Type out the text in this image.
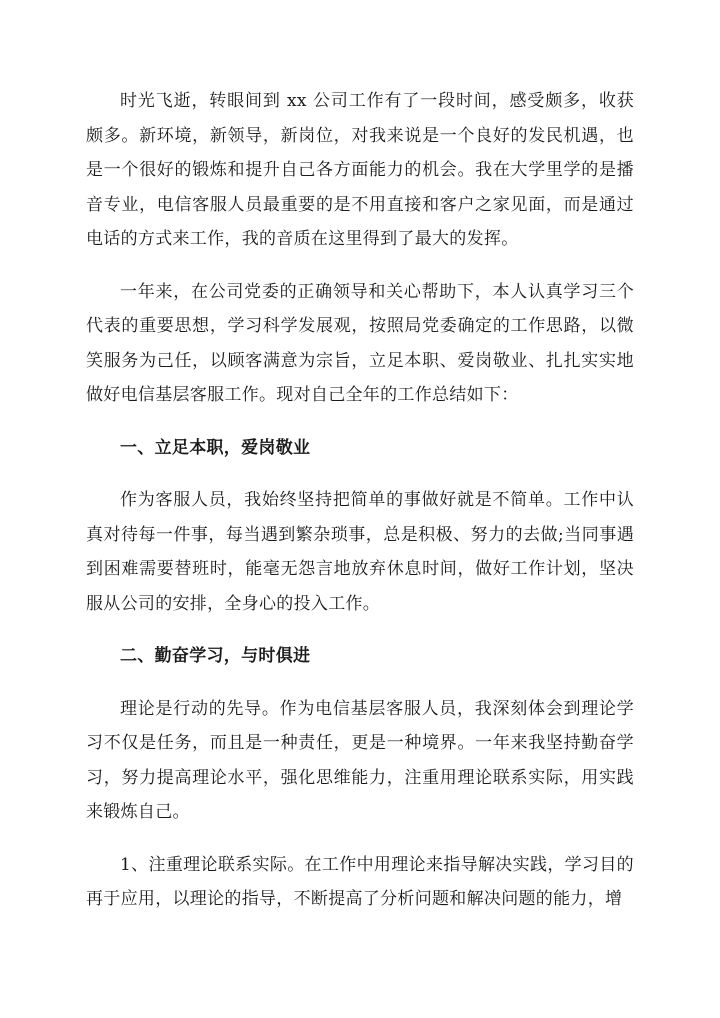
时光飞逝，转眼间到 xx 公司工作有了一段时间，感受颇多，收获颇多。新环境，新领导，新岗位，对我来说是一个良好的发民机遇，也是一个很好的锻炼和提升自己各方面能力的机会。我在大学里学的是播音专业，电信客服人员最重要的是不用直接和客户之家见面，而是通过电话的方式来工作，我的音质在这里得到了最大的发挥。

一年来，在公司党委的正确领导和关心帮助下，本人认真学习三个代表的重要思想，学习科学发展观，按照局党委确定的工作思路，以微笑服务为己任，以顾客满意为宗旨，立足本职、爱岗敬业、扎扎实实地做好电信基层客服工作。现对自己全年的工作总结如下：

一、立足本职，爱岗敬业

作为客服人员，我始终坚持把简单的事做好就是不简单。工作中认真对待每一件事，每当遇到繁杂琐事，总是积极、努力的去做;当同事遇到困难需要替班时，能毫无怨言地放弃休息时间，做好工作计划，坚决服从公司的安排，全身心的投入工作。

二、勤奋学习，与时俱进

理论是行动的先导。作为电信基层客服人员，我深刻体会到理论学习不仅是任务，而且是一种责任，更是一种境界。一年来我坚持勤奋学习，努力提高理论水平，强化思维能力，注重用理论联系实际，用实践来锻炼自己。

1、注重理论联系实际。在工作中用理论来指导解决实践，学习目的再于应用，以理论的指导，不断提高了分析问题和解决问题的能力，增
